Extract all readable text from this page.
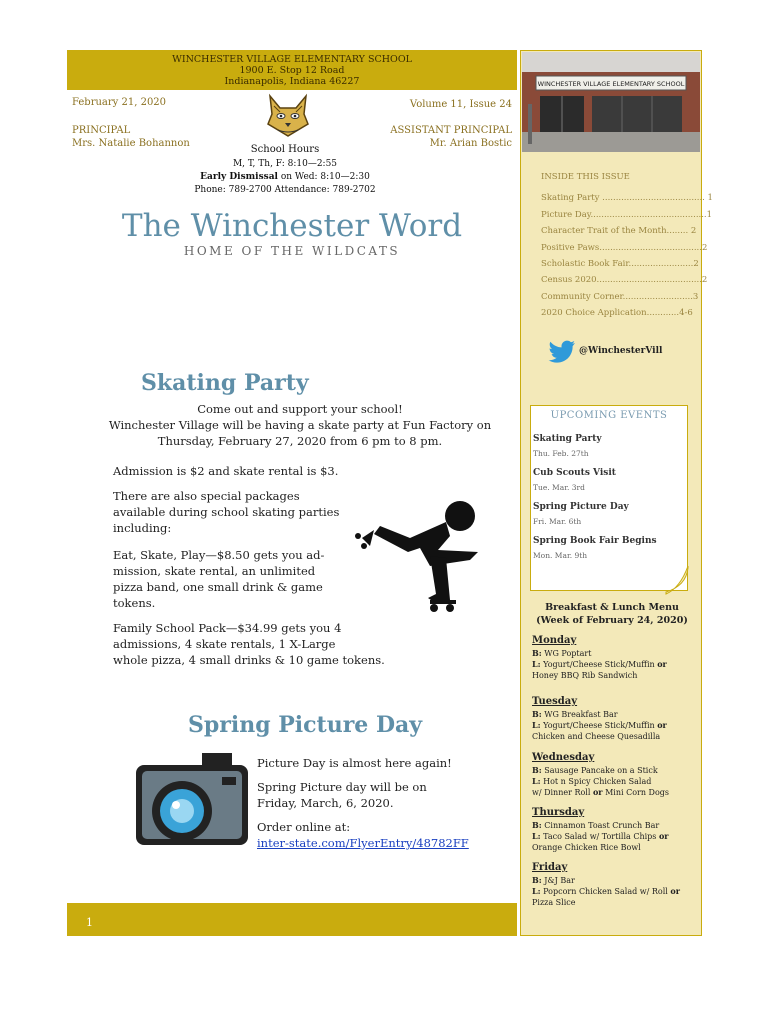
WINCHESTER VILLAGE ELEMENTARY SCHOOL
1900 E. Stop 12 Road
Indianapolis, Indiana 46227
February 21, 2020	Volume 11, Issue 24
PRINCIPAL
Mrs. Natalie Bohannon
ASSISTANT PRINCIPAL
Mr. Arian Bostic
School Hours
M, T, Th, F: 8:10—2:55
Early Dismissal on Wed: 8:10—2:30
Phone: 789-2700 Attendance: 789-2702
The Winchester Word
HOME OF THE WILDCATS
WINCHESTER VILLAGE ELEMENTARY SCHOOL
INSIDE THIS ISSUE
Skating Party ...................................... 1
Picture Day...........................................1
Character Trait of the Month........ 2
Positive Paws......................................2
Scholastic Book Fair........................2
Census 2020.......................................2
Community Corner..........................3
2020 Choice Application............4-6
@WinchesterVill
UPCOMING EVENTS
Skating Party
Thu. Feb. 27th
Cub Scouts Visit
Tue. Mar. 3rd
Spring Picture Day
Fri. Mar. 6th
Spring Book Fair Begins
Mon. Mar. 9th
Breakfast & Lunch Menu
(Week of February 24, 2020)
Monday
B: WG Poptart
L: Yogurt/Cheese Stick/Muffin or
Honey BBQ Rib Sandwich
Tuesday
B: WG Breakfast Bar
L: Yogurt/Cheese Stick/Muffin or
Chicken and Cheese Quesadilla
Wednesday
B: Sausage Pancake on a Stick
L: Hot n Spicy Chicken Salad
w/ Dinner Roll or Mini Corn Dogs
Thursday
B: Cinnamon Toast Crunch Bar
L: Taco Salad w/ Tortilla Chips or
Orange Chicken Rice Bowl
Friday
B: J&J Bar
L: Popcorn Chicken Salad w/ Roll or
Pizza Slice
Skating Party
Come out and support your school!
Winchester Village will be having a skate party at Fun Factory on
Thursday, February 27, 2020 from 6 pm to 8 pm.
Admission is $2 and skate rental is $3.
There are also special packages
available during school skating parties
including:
Eat, Skate, Play—$8.50 gets you ad-
mission, skate rental, an unlimited
pizza band, one small drink & game
tokens.
Family School Pack—$34.99 gets you 4
admissions, 4 skate rentals, 1 X-Large
whole pizza, 4 small drinks & 10 game tokens.
Spring Picture Day
Picture Day is almost here again!
Spring Picture day will be on
Friday, March, 6, 2020.
Order online at:
inter-state.com/FlyerEntry/48782FF
1
